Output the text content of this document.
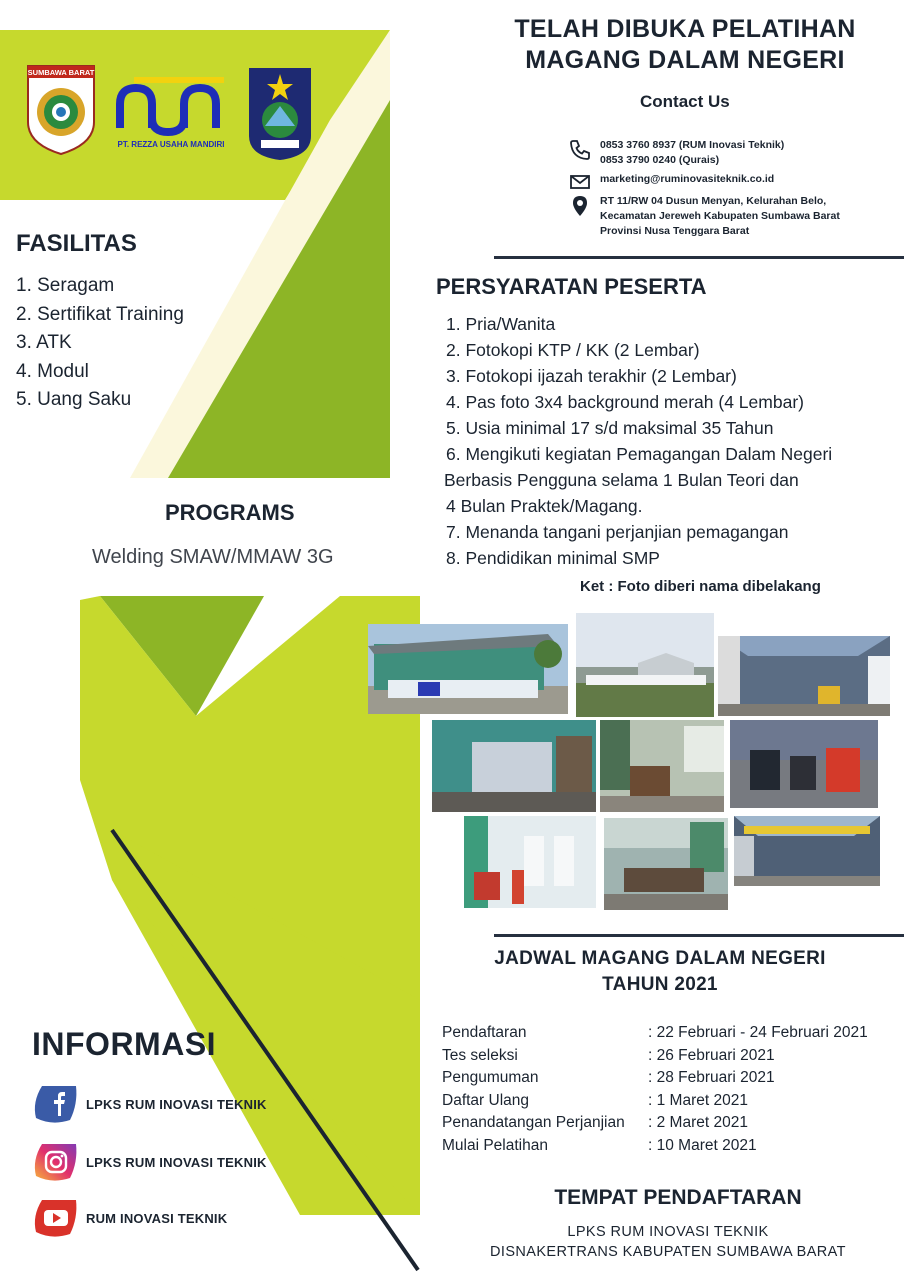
SUMBAWA BARAT
PT. REZZA USAHA MANDIRI
TELAH DIBUKA PELATIHAN
MAGANG DALAM NEGERI
Contact Us
0853 3760 8937 (RUM Inovasi Teknik)
0853 3790 0240 (Qurais)
marketing@ruminovasiteknik.co.id
RT 11/RW 04 Dusun Menyan, Kelurahan Belo,
Kecamatan Jereweh Kabupaten Sumbawa Barat
Provinsi Nusa Tenggara Barat
FASILITAS
1. Seragam
2. Sertifikat Training
3. ATK
4. Modul
5. Uang Saku
PROGRAMS
Welding SMAW/MMAW 3G
PERSYARATAN PESERTA
1. Pria/Wanita
2. Fotokopi KTP / KK (2 Lembar)
3. Fotokopi ijazah terakhir (2 Lembar)
4. Pas foto 3x4 background merah (4 Lembar)
5. Usia minimal 17 s/d maksimal 35 Tahun
6. Mengikuti kegiatan Pemagangan Dalam Negeri
Berbasis Pengguna selama 1 Bulan Teori dan
4 Bulan Praktek/Magang.
7. Menanda tangani perjanjian pemagangan
8. Pendidikan minimal SMP
Ket : Foto diberi nama dibelakang
JADWAL MAGANG DALAM NEGERI
TAHUN 2021
Pendaftaran	: 22 Februari - 24 Februari 2021
Tes seleksi	: 26 Februari 2021
Pengumuman	: 28 Februari 2021
Daftar Ulang	: 1 Maret 2021
Penandatangan Perjanjian	: 2 Maret 2021
Mulai Pelatihan	: 10 Maret 2021
TEMPAT PENDAFTARAN
LPKS RUM INOVASI TEKNIK
DISNAKERTRANS KABUPATEN SUMBAWA BARAT
INFORMASI
LPKS RUM INOVASI TEKNIK
LPKS RUM INOVASI TEKNIK
RUM INOVASI TEKNIK
